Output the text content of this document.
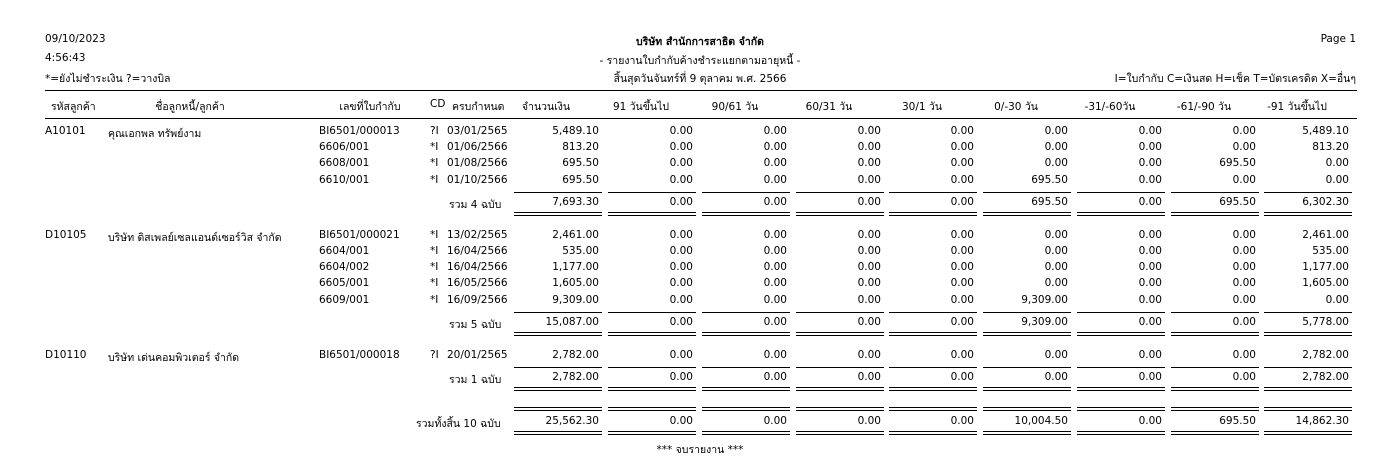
09/10/2023
4:56:43
*=ยังไม่ชำระเงิน ?=วางบิล
บริษัท สำนักการสาธิต จำกัด
- รายงานใบกำกับค้างชำระแยกตามอายุหนี้ -
สิ้นสุดวันจันทร์ที่ 9 ตุลาคม พ.ศ. 2566
Page 1
I=ใบกำกับ C=เงินสด H=เช็ค T=บัตรเครดิต X=อื่นๆ
รหัสลูกค้า	ชื่อลูกหนี้/ลูกค้า	เลขที่ใบกำกับ	CD ครบกำหนด	จำนวนเงิน	91 วันขึ้นไป	90/61 วัน	60/31 วัน	30/1 วัน	0/-30 วัน	-31/-60วัน	-61/-90 วัน	-91 วันขึ้นไป
A10101 คุณเอกพล ทรัพย์งาม	BI6501/000013	?I 03/01/2565	5,489.10	0.00	0.00	0.00	0.00	0.00	0.00	0.00	5,489.10
6606/001	*I 01/06/2566	813.20	0.00	0.00	0.00	0.00	0.00	0.00	0.00	813.20
6608/001	*I 01/08/2566	695.50	0.00	0.00	0.00	0.00	0.00	0.00	695.50	0.00
6610/001	*I 01/10/2566	695.50	0.00	0.00	0.00	0.00	695.50	0.00	0.00	0.00
รวม 4 ฉบับ	7,693.30	0.00	0.00	0.00	0.00	695.50	0.00	695.50	6,302.30
D10105 บริษัท ดิสเพลย์เซลแอนด์เซอร์วิส จำกัด	BI6501/000021	*I 13/02/2565	2,461.00	0.00	0.00	0.00	0.00	0.00	0.00	0.00	2,461.00
6604/001	*I 16/04/2566	535.00	0.00	0.00	0.00	0.00	0.00	0.00	0.00	535.00
6604/002	*I 16/04/2566	1,177.00	0.00	0.00	0.00	0.00	0.00	0.00	0.00	1,177.00
6605/001	*I 16/05/2566	1,605.00	0.00	0.00	0.00	0.00	0.00	0.00	0.00	1,605.00
6609/001	*I 16/09/2566	9,309.00	0.00	0.00	0.00	0.00	9,309.00	0.00	0.00	0.00
รวม 5 ฉบับ	15,087.00	0.00	0.00	0.00	0.00	9,309.00	0.00	0.00	5,778.00
D10110 บริษัท เด่นคอมพิวเตอร์ จำกัด	BI6501/000018	?I 20/01/2565	2,782.00	0.00	0.00	0.00	0.00	0.00	0.00	0.00	2,782.00
รวม 1 ฉบับ	2,782.00	0.00	0.00	0.00	0.00	0.00	0.00	0.00	2,782.00
รวมทั้งสิ้น 10 ฉบับ	25,562.30	0.00	0.00	0.00	0.00	10,004.50	0.00	695.50	14,862.30
*** จบรายงาน ***
